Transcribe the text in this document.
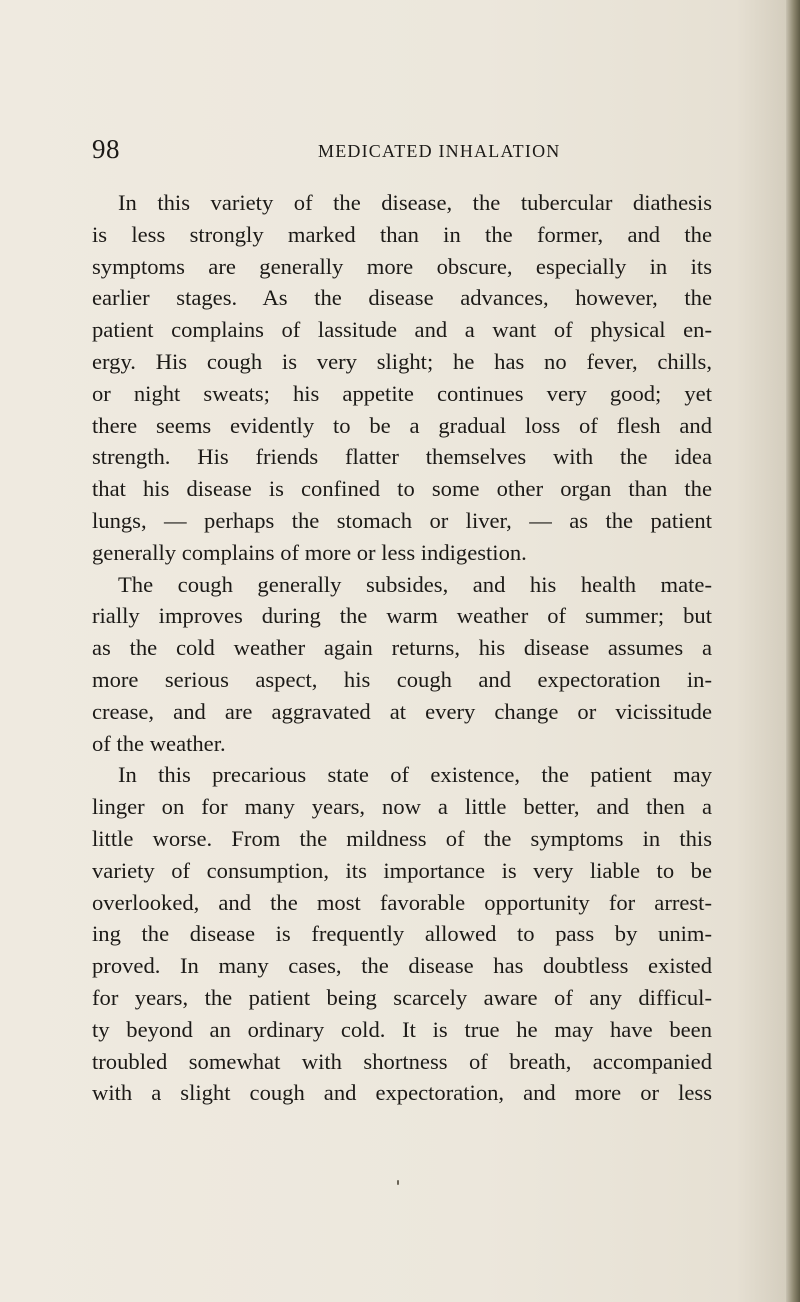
98	MEDICATED INHALATION
In this variety of the disease, the tubercular diathesis
is less strongly marked than in the former, and the
symptoms are generally more obscure, especially in its
earlier stages. As the disease advances, however, the
patient complains of lassitude and a want of physical en-
ergy. His cough is very slight; he has no fever, chills,
or night sweats; his appetite continues very good; yet
there seems evidently to be a gradual loss of flesh and
strength. His friends flatter themselves with the idea
that his disease is confined to some other organ than the
lungs, — perhaps the stomach or liver, — as the patient
generally complains of more or less indigestion.
The cough generally subsides, and his health mate-
rially improves during the warm weather of summer; but
as the cold weather again returns, his disease assumes a
more serious aspect, his cough and expectoration in-
crease, and are aggravated at every change or vicissitude
of the weather.
In this precarious state of existence, the patient may
linger on for many years, now a little better, and then a
little worse. From the mildness of the symptoms in this
variety of consumption, its importance is very liable to be
overlooked, and the most favorable opportunity for arrest-
ing the disease is frequently allowed to pass by unim-
proved. In many cases, the disease has doubtless existed
for years, the patient being scarcely aware of any difficul-
ty beyond an ordinary cold. It is true he may have been
troubled somewhat with shortness of breath, accompanied
with a slight cough and expectoration, and more or less
